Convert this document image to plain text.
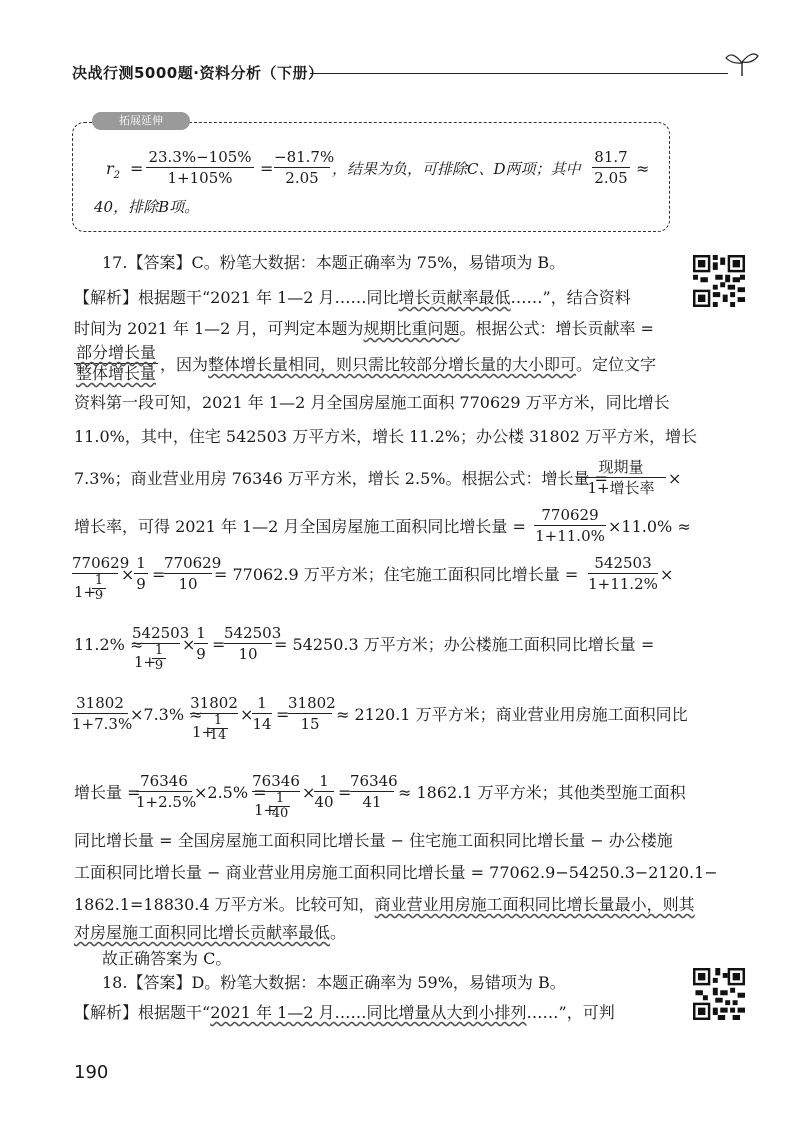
决战行测5000题·资料分析（下册）
拓展延伸
$r_2$ =
23.3%−105%
1+105%	=
−81.7%
2.05 ，结果为负，可排除C、D两项；其中
81.7
2.05 ≈
40，排除B项。
17.【答案】C。粉笔大数据：本题正确率为 75%，易错项为 B。
【解析】根据题干“2021 年 1—2 月……同比增长贡献率最低……”，结合资料
时间为 2021 年 1—2 月，可判定本题为规期比重问题。根据公式：增长贡献率 =
部分增长量
整体增长量 ，因为整体增长量相同，则只需比较部分增长量的大小即可。定位文字
资料第一段可知，2021 年 1—2 月全国房屋施工面积 770629 万平方米，同比增长
11.0%，其中，住宅 542503 万平方米，增长 11.2%；办公楼 31802 万平方米，增长
7.3%；商业营业用房 76346 万平方米，增长 2.5%。根据公式：增长量 =
现期量
1+增长率 ×
增长率，可得 2021 年 1—2 月全国房屋施工面积同比增长量 =
770629
1+11.0% ×11.0% ≈
770629
1+
1
9
×
1
9 =
770629
10	= 77062.9 万平方米；住宅施工面积同比增长量 =
542503
1+11.2% ×
11.2% ≈
542503
1+
1
9
×
1
9 =
542503
10	= 54250.3 万平方米；办公楼施工面积同比增长量 =
31802
1+7.3%
×7.3% ≈
31802
1+
1
14
×
1
14 =
31802
15	≈ 2120.1 万平方米；商业营业用房施工面积同比
增长量 =
76346
1+2.5%
×2.5% =
76346
1+
1
40
×
1
40 =
76346
41	≈ 1862.1 万平方米；其他类型施工面积
同比增长量 = 全国房屋施工面积同比增长量 − 住宅施工面积同比增长量 − 办公楼施
工面积同比增长量 − 商业营业用房施工面积同比增长量 = 77062.9−54250.3−2120.1−
1862.1=18830.4 万平方米。比较可知，商业营业用房施工面积同比增长量最小，则其
对房屋施工面积同比增长贡献率最低。
故正确答案为 C。
18.【答案】D。粉笔大数据：本题正确率为 59%，易错项为 B。
【解析】根据题干“2021 年 1—2 月……同比增量从大到小排列……”，可判
190
